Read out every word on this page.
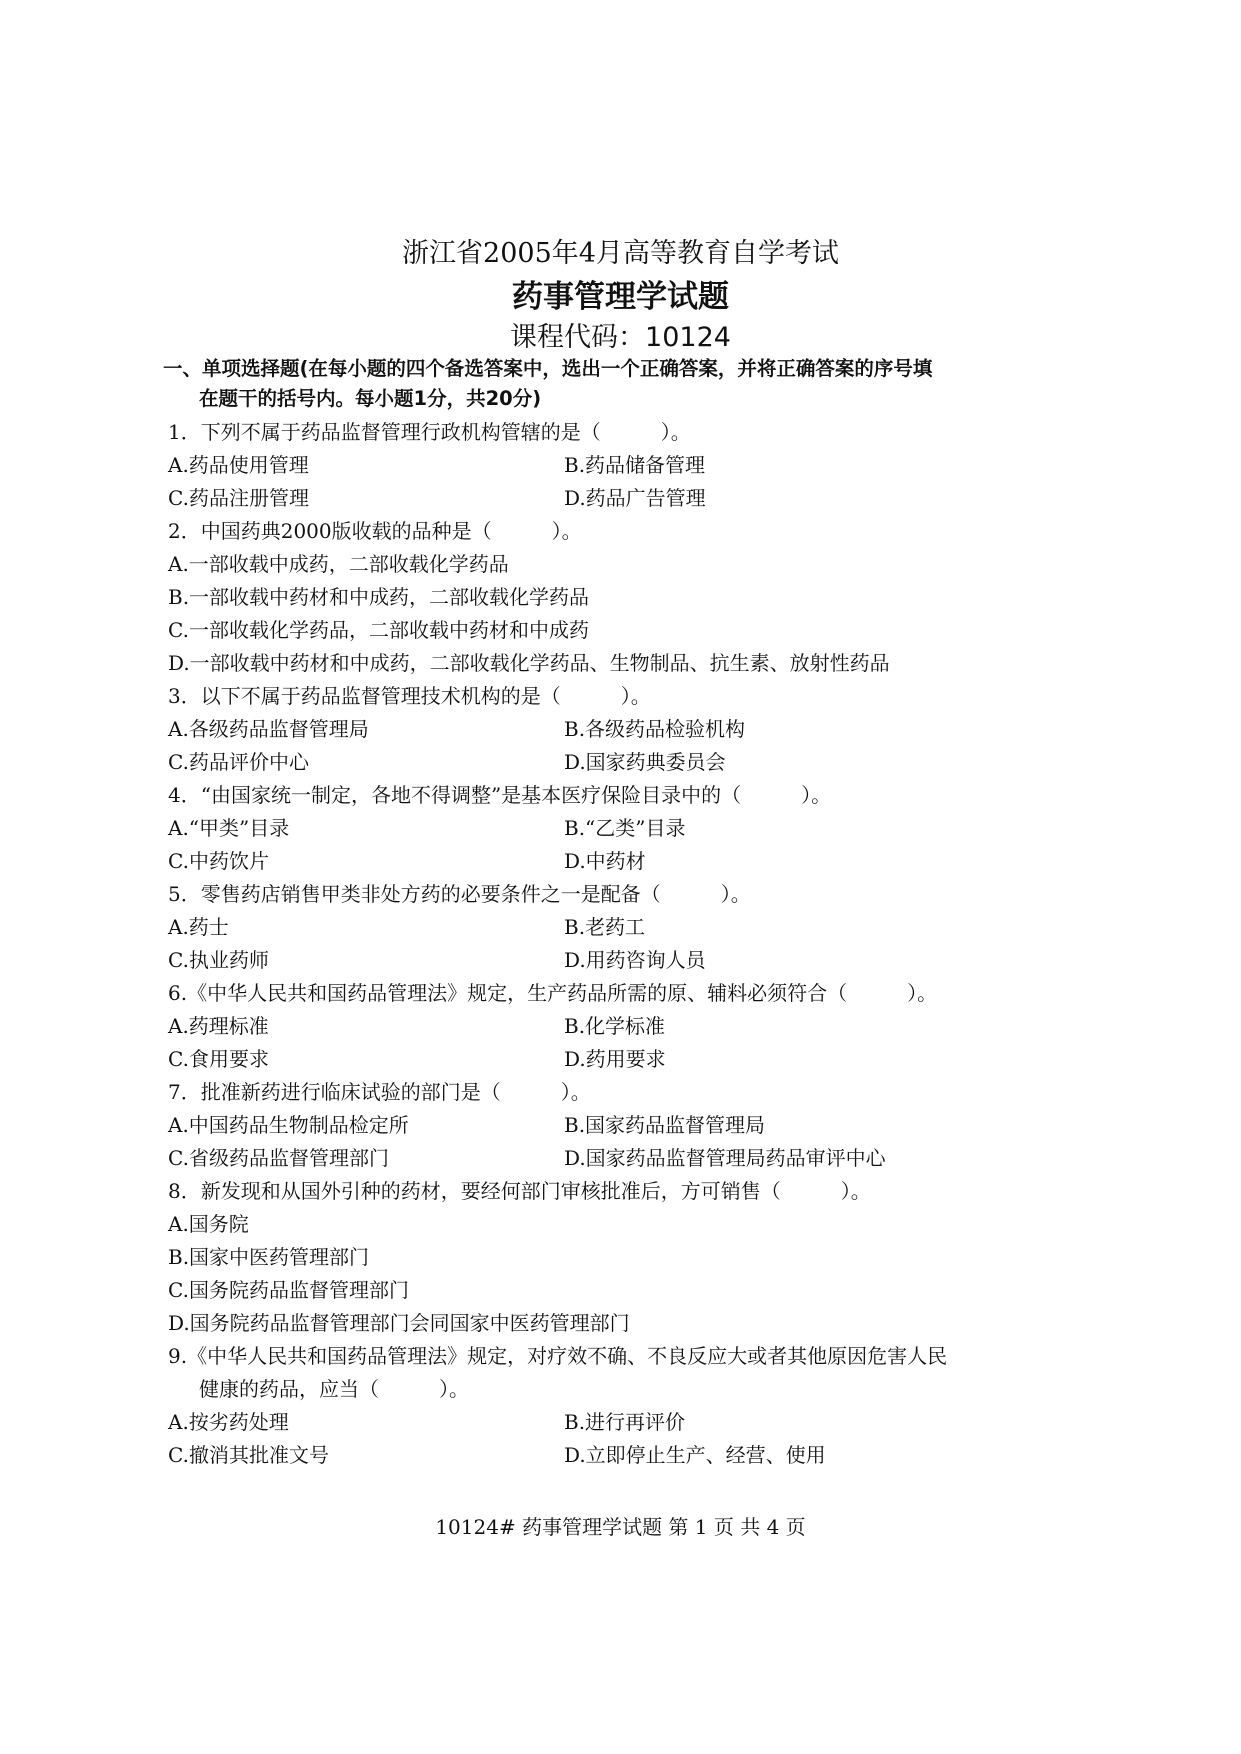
浙江省2005年4月高等教育自学考试
药事管理学试题
课程代码：10124
一、单项选择题(在每小题的四个备选答案中，选出一个正确答案，并将正确答案的序号填
在题干的括号内。每小题1分，共20分)
1．下列不属于药品监督管理行政机构管辖的是（　　　）。
A.药品使用管理	B.药品储备管理
C.药品注册管理	D.药品广告管理
2．中国药典2000版收载的品种是（　　　）。
A.一部收载中成药，二部收载化学药品
B.一部收载中药材和中成药，二部收载化学药品
C.一部收载化学药品，二部收载中药材和中成药
D.一部收载中药材和中成药，二部收载化学药品、生物制品、抗生素、放射性药品
3．以下不属于药品监督管理技术机构的是（　　　）。
A.各级药品监督管理局	B.各级药品检验机构
C.药品评价中心	D.国家药典委员会
4．“由国家统一制定，各地不得调整”是基本医疗保险目录中的（　　　）。
A.“甲类”目录	B.“乙类”目录
C.中药饮片	D.中药材
5．零售药店销售甲类非处方药的必要条件之一是配备（　　　）。
A.药士	B.老药工
C.执业药师	D.用药咨询人员
6.《中华人民共和国药品管理法》规定，生产药品所需的原、辅料必须符合（　　　）。
A.药理标准	B.化学标准
C.食用要求	D.药用要求
7．批准新药进行临床试验的部门是（　　　）。
A.中国药品生物制品检定所	B.国家药品监督管理局
C.省级药品监督管理部门	D.国家药品监督管理局药品审评中心
8．新发现和从国外引种的药材，要经何部门审核批准后，方可销售（　　　）。
A.国务院
B.国家中医药管理部门
C.国务院药品监督管理部门
D.国务院药品监督管理部门会同国家中医药管理部门
9.《中华人民共和国药品管理法》规定，对疗效不确、不良反应大或者其他原因危害人民
健康的药品，应当（　　　）。
A.按劣药处理	B.进行再评价
C.撤消其批准文号	D.立即停止生产、经营、使用
10124# 药事管理学试题 第 1 页 共 4 页
